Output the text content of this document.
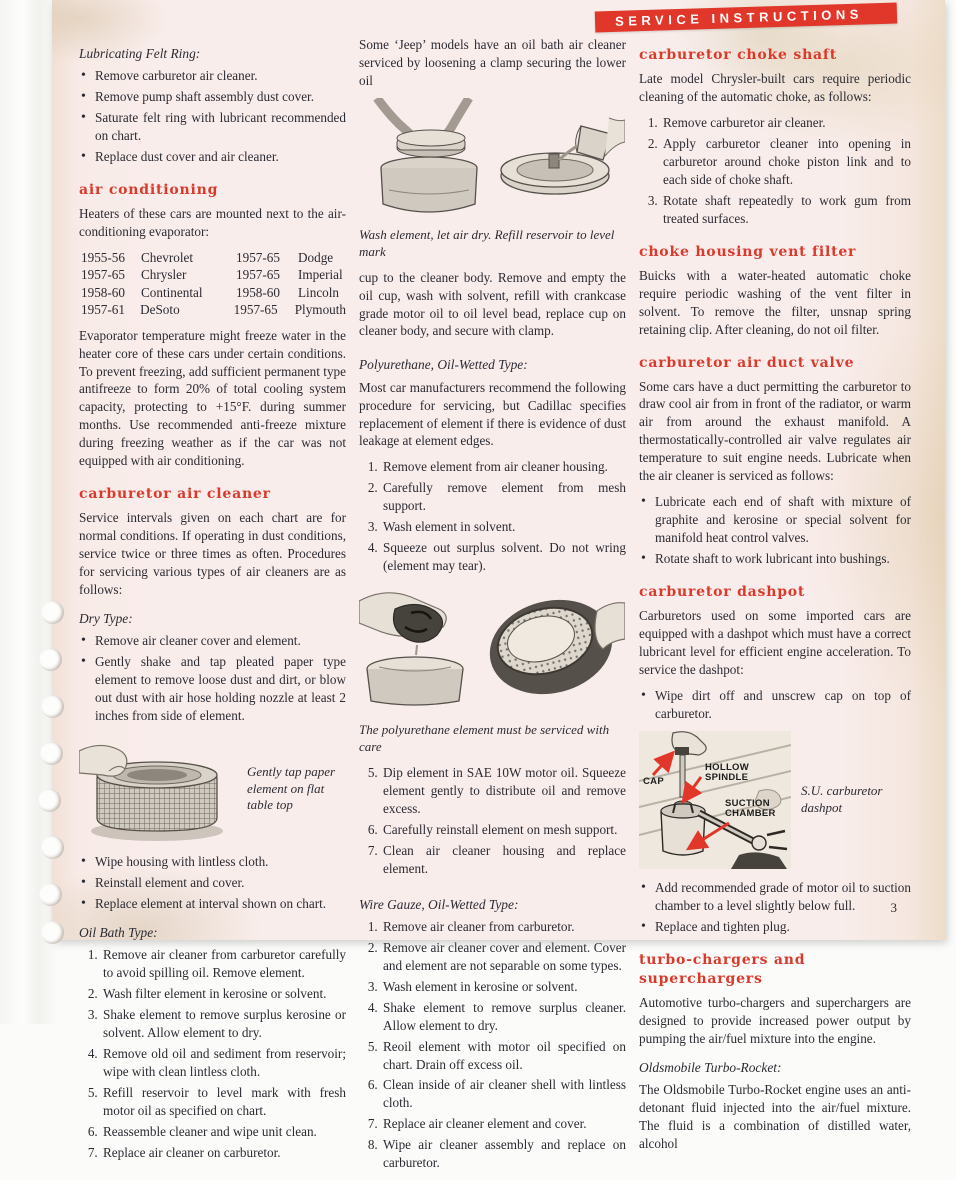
SERVICE INSTRUCTIONS
Lubricating Felt Ring:
• Remove carburetor air cleaner.
• Remove pump shaft assembly dust cover.
• Saturate felt ring with lubricant recommended on chart.
• Replace dust cover and air cleaner.
air conditioning

Heaters of these cars are mounted next to the air-conditioning evaporator:

1955-56	Chevrolet	1957-65	Dodge
1957-65	Chrysler	1957-65	Imperial
1958-60	Continental	1958-60	Lincoln
1957-61	DeSoto	1957-65	Plymouth

Evaporator temperature might freeze water in the heater core of these cars under certain conditions. To prevent freezing, add sufficient permanent type antifreeze to form 20% of total cooling system capacity, protecting to +15°F. during summer months. Use recommended anti-freeze mixture during freezing weather as if the car was not equipped with air conditioning.

carburetor air cleaner

Service intervals given on each chart are for normal conditions. If operating in dust conditions, service twice or three times as often. Procedures for servicing various types of air cleaners are as follows:

Dry Type:
• Remove air cleaner cover and element.
• Gently shake and tap pleated paper type element to remove loose dust and dirt, or blow out dust with air hose holding nozzle at least 2 inches from side of element.
Gently tap paper element on flat table top
• Wipe housing with lintless cloth.
• Reinstall element and cover.
• Replace element at interval shown on chart.
Oil Bath Type:
1. Remove air cleaner from carburetor carefully to avoid spilling oil. Remove element.
2. Wash filter element in kerosine or solvent.
3. Shake element to remove surplus kerosine or solvent. Allow element to dry.
4. Remove old oil and sediment from reservoir; wipe with clean lintless cloth.
5. Refill reservoir to level mark with fresh motor oil as specified on chart.
6. Reassemble cleaner and wipe unit clean.
7. Replace air cleaner on carburetor.

Some ‘Jeep’ models have an oil bath air cleaner serviced by loosening a clamp securing the lower oil

Wash element, let air dry. Refill reservoir to level mark

cup to the cleaner body. Remove and empty the oil cup, wash with solvent, refill with crankcase grade motor oil to oil level bead, replace cup on cleaner body, and secure with clamp.

Polyurethane, Oil-Wetted Type:

Most car manufacturers recommend the following procedure for servicing, but Cadillac specifies replacement of element if there is evidence of dust leakage at element edges.

1. Remove element from air cleaner housing.
2. Carefully remove element from mesh support.
3. Wash element in solvent.
4. Squeeze out surplus solvent. Do not wring (element may tear).
The polyurethane element must be serviced with care
5. Dip element in SAE 10W motor oil. Squeeze element gently to distribute oil and remove excess.
6. Carefully reinstall element on mesh support.
7. Clean air cleaner housing and replace element.
Wire Gauze, Oil-Wetted Type:
1. Remove air cleaner from carburetor.
2. Remove air cleaner cover and element. Cover and element are not separable on some types.
3. Wash element in kerosine or solvent.
4. Shake element to remove surplus cleaner. Allow element to dry.
5. Reoil element with motor oil specified on chart. Drain off excess oil.
6. Clean inside of air cleaner shell with lintless cloth.
7. Replace air cleaner element and cover.
8. Wipe air cleaner assembly and replace on carburetor.
carburetor choke shaft

Late model Chrysler-built cars require periodic cleaning of the automatic choke, as follows:

1. Remove carburetor air cleaner.
2. Apply carburetor cleaner into opening in carburetor around choke piston link and to each side of choke shaft.
3. Rotate shaft repeatedly to work gum from treated surfaces.
choke housing vent filter

Buicks with a water-heated automatic choke require periodic washing of the vent filter in solvent. To remove the filter, unsnap spring retaining clip. After cleaning, do not oil filter.

carburetor air duct valve

Some cars have a duct permitting the carburetor to draw cool air from in front of the radiator, or warm air from around the exhaust manifold. A thermostatically-controlled air valve regulates air temperature to suit engine needs. Lubricate when the air cleaner is serviced as follows:

• Lubricate each end of shaft with mixture of graphite and kerosine or special solvent for manifold heat control valves.
• Rotate shaft to work lubricant into bushings.
carburetor dashpot

Carburetors used on some imported cars are equipped with a dashpot which must have a correct lubricant level for efficient engine acceleration. To service the dashpot:

• Wipe dirt off and unscrew cap on top of carburetor.
CAP
HOLLOW SPINDLE
SUCTION CHAMBER
S.U. carburetor dashpot
• Add recommended grade of motor oil to suction chamber to a level slightly below full.
• Replace and tighten plug.
turbo-chargers and superchargers

Automotive turbo-chargers and superchargers are designed to provide increased power output by pumping the air/fuel mixture into the engine.

Oldsmobile Turbo-Rocket:

The Oldsmobile Turbo-Rocket engine uses an anti-detonant fluid injected into the air/fuel mixture. The fluid is a combination of distilled water, alcohol

3
